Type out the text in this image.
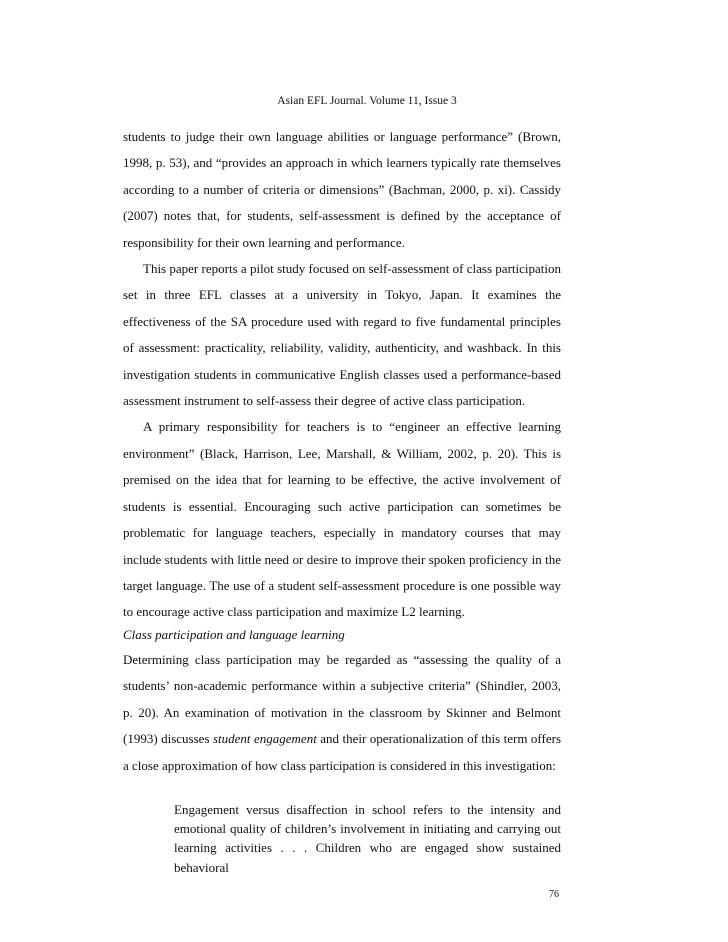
Asian EFL Journal. Volume 11, Issue 3

students to judge their own language abilities or language performance” (Brown, 1998, p. 53), and “provides an approach in which learners typically rate themselves according to a number of criteria or dimensions” (Bachman, 2000, p. xi). Cassidy (2007) notes that, for students, self-assessment is defined by the acceptance of responsibility for their own learning and performance.

This paper reports a pilot study focused on self-assessment of class participation set in three EFL classes at a university in Tokyo, Japan. It examines the effectiveness of the SA procedure used with regard to five fundamental principles of assessment: practicality, reliability, validity, authenticity, and washback. In this investigation students in communicative English classes used a performance-based assessment instrument to self-assess their degree of active class participation.

A primary responsibility for teachers is to “engineer an effective learning environment” (Black, Harrison, Lee, Marshall, & William, 2002, p. 20). This is premised on the idea that for learning to be effective, the active involvement of students is essential. Encouraging such active participation can sometimes be problematic for language teachers, especially in mandatory courses that may include students with little need or desire to improve their spoken proficiency in the target language. The use of a student self-assessment procedure is one possible way to encourage active class participation and maximize L2 learning.

Class participation and language learning

Determining class participation may be regarded as “assessing the quality of a students’ non-academic performance within a subjective criteria” (Shindler, 2003, p. 20). An examination of motivation in the classroom by Skinner and Belmont (1993) discusses student engagement and their operationalization of this term offers a close approximation of how class participation is considered in this investigation:

Engagement versus disaffection in school refers to the intensity and emotional quality of children’s involvement in initiating and carrying out learning activities . . . Children who are engaged show sustained behavioral

76
